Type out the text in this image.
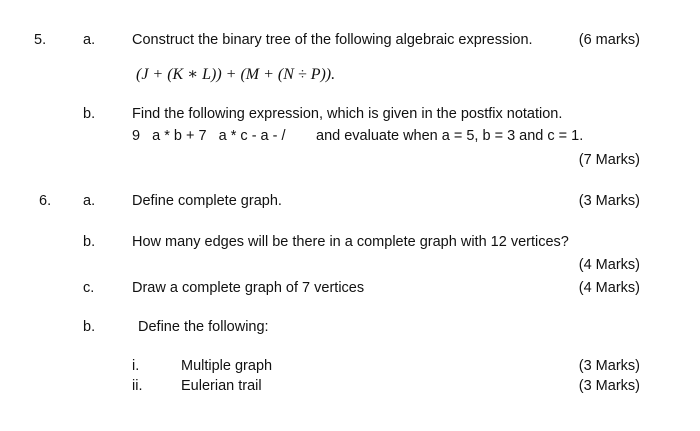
5.	a.	Construct the binary tree of the following algebraic expression.	(6 marks)
(J + (K ∗ L)) + (M + (N ÷ P)).
b.	Find the following expression, which is given in the postfix notation.
9   a * b + 7   a * c - a - / and evaluate when a = 5, b = 3 and c = 1.
(7 Marks)
6. a.	Define complete graph.	(3 Marks)
b.	How many edges will be there in a complete graph with 12 vertices?
(4 Marks)
c.	Draw a complete graph of 7 vertices	(4 Marks)
b.	Define the following:
i.	Multiple graph	(3 Marks)
ii.	Eulerian trail	(3 Marks)
